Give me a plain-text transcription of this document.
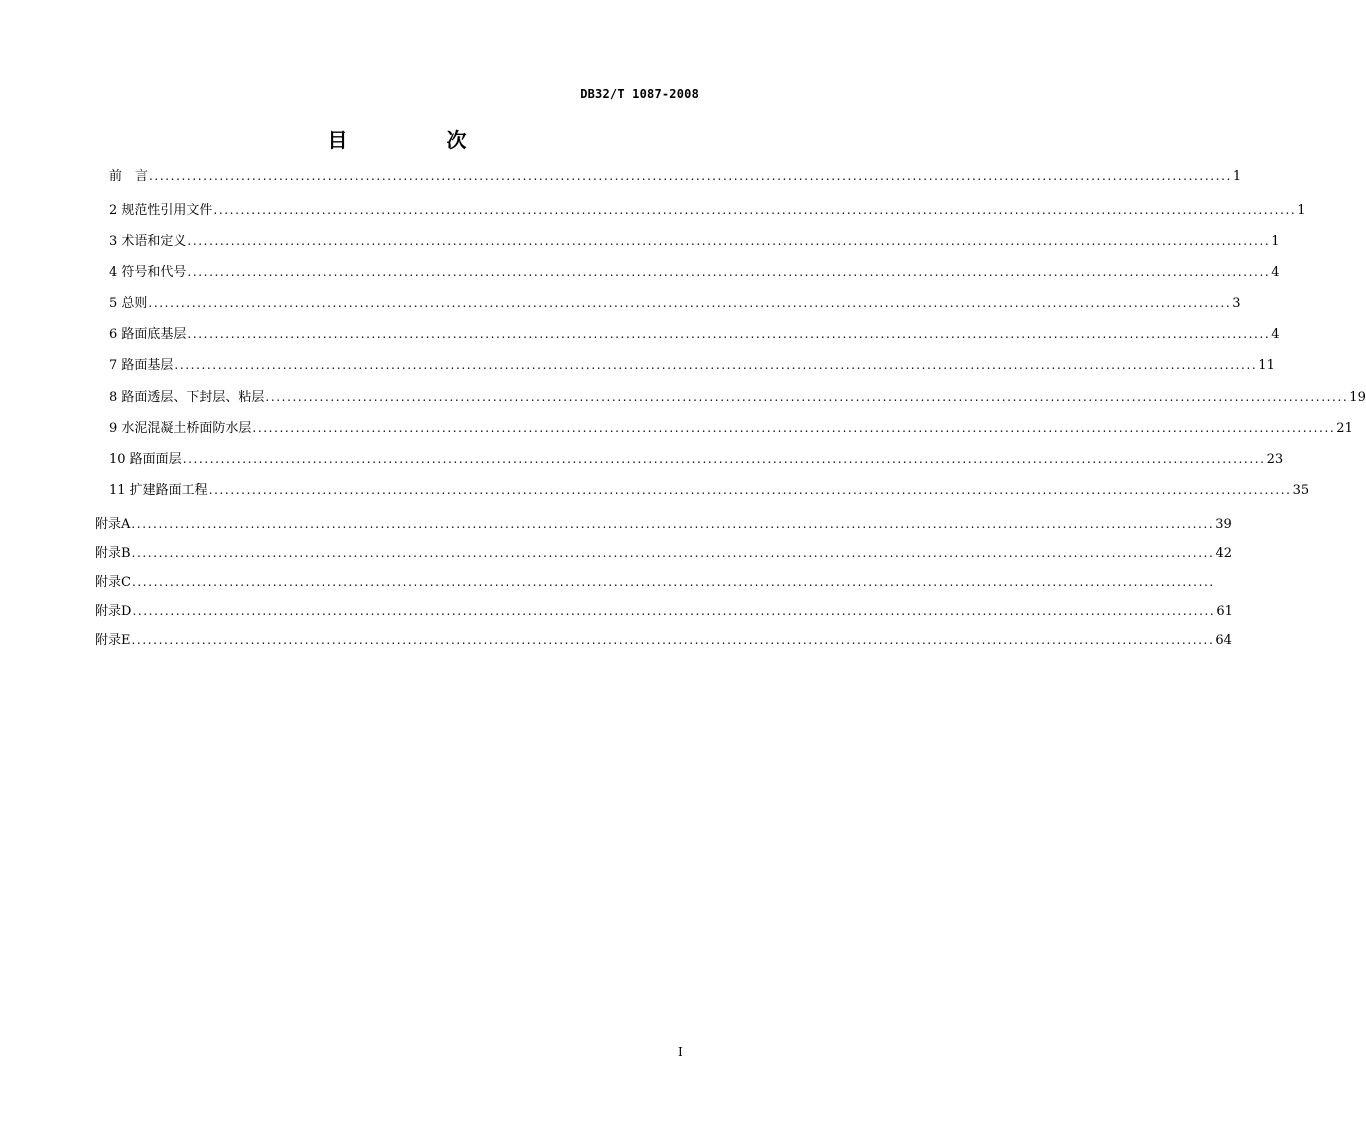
DB32/T 1087-2008
目 次
前　言 ........................................................................................................................................................................................................ 1
2 规范性引用文件 ........................................................................................................................................................................................................ 1
3 术语和定义 ........................................................................................................................................................................................................ 1
4 符号和代号 ........................................................................................................................................................................................................ 4
5 总则 ........................................................................................................................................................................................................ 3
6 路面底基层 ........................................................................................................................................................................................................ 4
7 路面基层 ........................................................................................................................................................................................................ 11
8 路面透层、下封层、粘层 ........................................................................................................................................................................................................ 19
9 水泥混凝土桥面防水层 ........................................................................................................................................................................................................ 21
10 路面面层 ........................................................................................................................................................................................................ 23
11 扩建路面工程 ........................................................................................................................................................................................................ 35
附录A ........................................................................................................................................................................................................ 39
附录B ........................................................................................................................................................................................................ 42
附录C ........................................................................................................................................................................................................
附录D ........................................................................................................................................................................................................ 61
附录E ........................................................................................................................................................................................................ 64
I
